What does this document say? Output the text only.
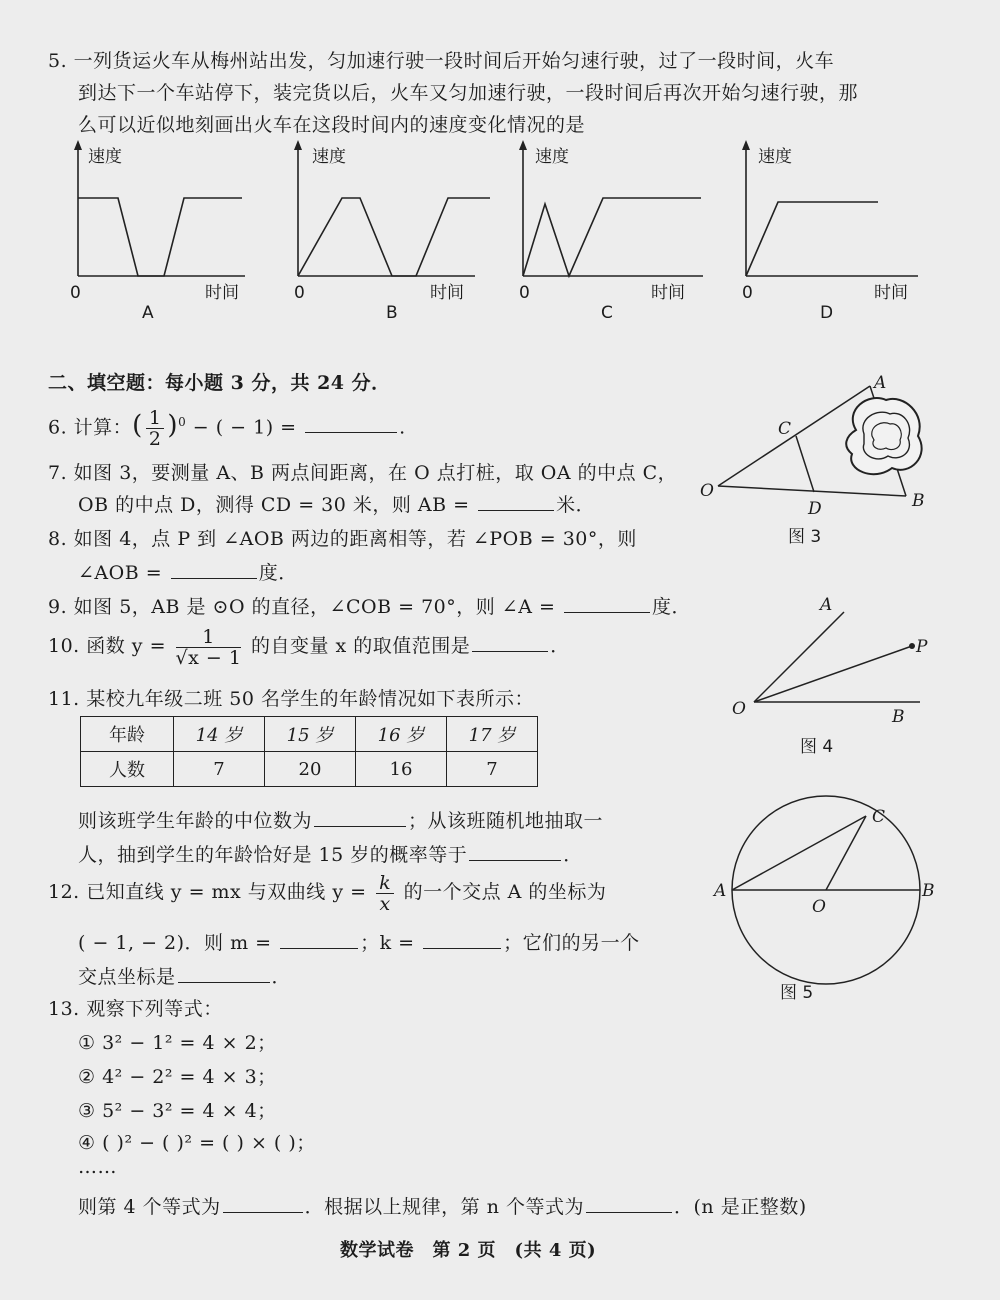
5. 一列货运火车从梅州站出发，匀加速行驶一段时间后开始匀速行驶，过了一段时间，火车
到达下一个车站停下，装完货以后，火车又匀加速行驶，一段时间后再次开始匀速行驶，那
么可以近似地刻画出火车在这段时间内的速度变化情况的是
速度
0	时间
A
速度
0	时间
B
速度
0	时间
C
速度
0	时间
D
二、填空题：每小题 3 分，共 24 分．
6. 计算：( $\frac{1}{2} )^0$ − ( − 1) =	.
7. 如图 3，要测量 A、B 两点间距离，在 O 点打桩，取 OA 的中点 C，
OB 的中点 D，测得 CD = 30 米，则 AB =	米．
8. 如图 4，点 P 到 ∠AOB 两边的距离相等，若 ∠POB = 30°，则
∠AOB =	度．
9. 如图 5，AB 是 ⊙O 的直径，∠COB = 70°，则 ∠A =	度．
10. 函数 $y = \frac{1}{√x - 1}$ 的自变量 x 的取值范围是	．
11. 某校九年级二班 50 名学生的年龄情况如下表所示：
年龄	14 岁	15 岁	16 岁	17 岁
人数	7	20	16	7
则该班学生年龄的中位数为	；从该班随机地抽取一
人，抽到学生的年龄恰好是 15 岁的概率等于	．
12. 已知直线 y = mx 与双曲线 $y = \frac{k}{x}$ 的一个交点 A 的坐标为
( − 1, − 2)．则 m =	；k =	；它们的另一个
交点坐标是	．
13. 观察下列等式：
① 3² − 1² = 4 × 2；
② 4² − 2² = 4 × 3；
③ 5² − 3² = 4 × 4；
④ ( )² − ( )² = ( ) × ( )；
……
则第 4 个等式为	．根据以上规律，第 n 个等式为	．(n 是正整数)
A
C
O
D	B
图 3
A
P
O	B
图 4
A
C
O
B
图 5
数学试卷　第 2 页　(共 4 页)
